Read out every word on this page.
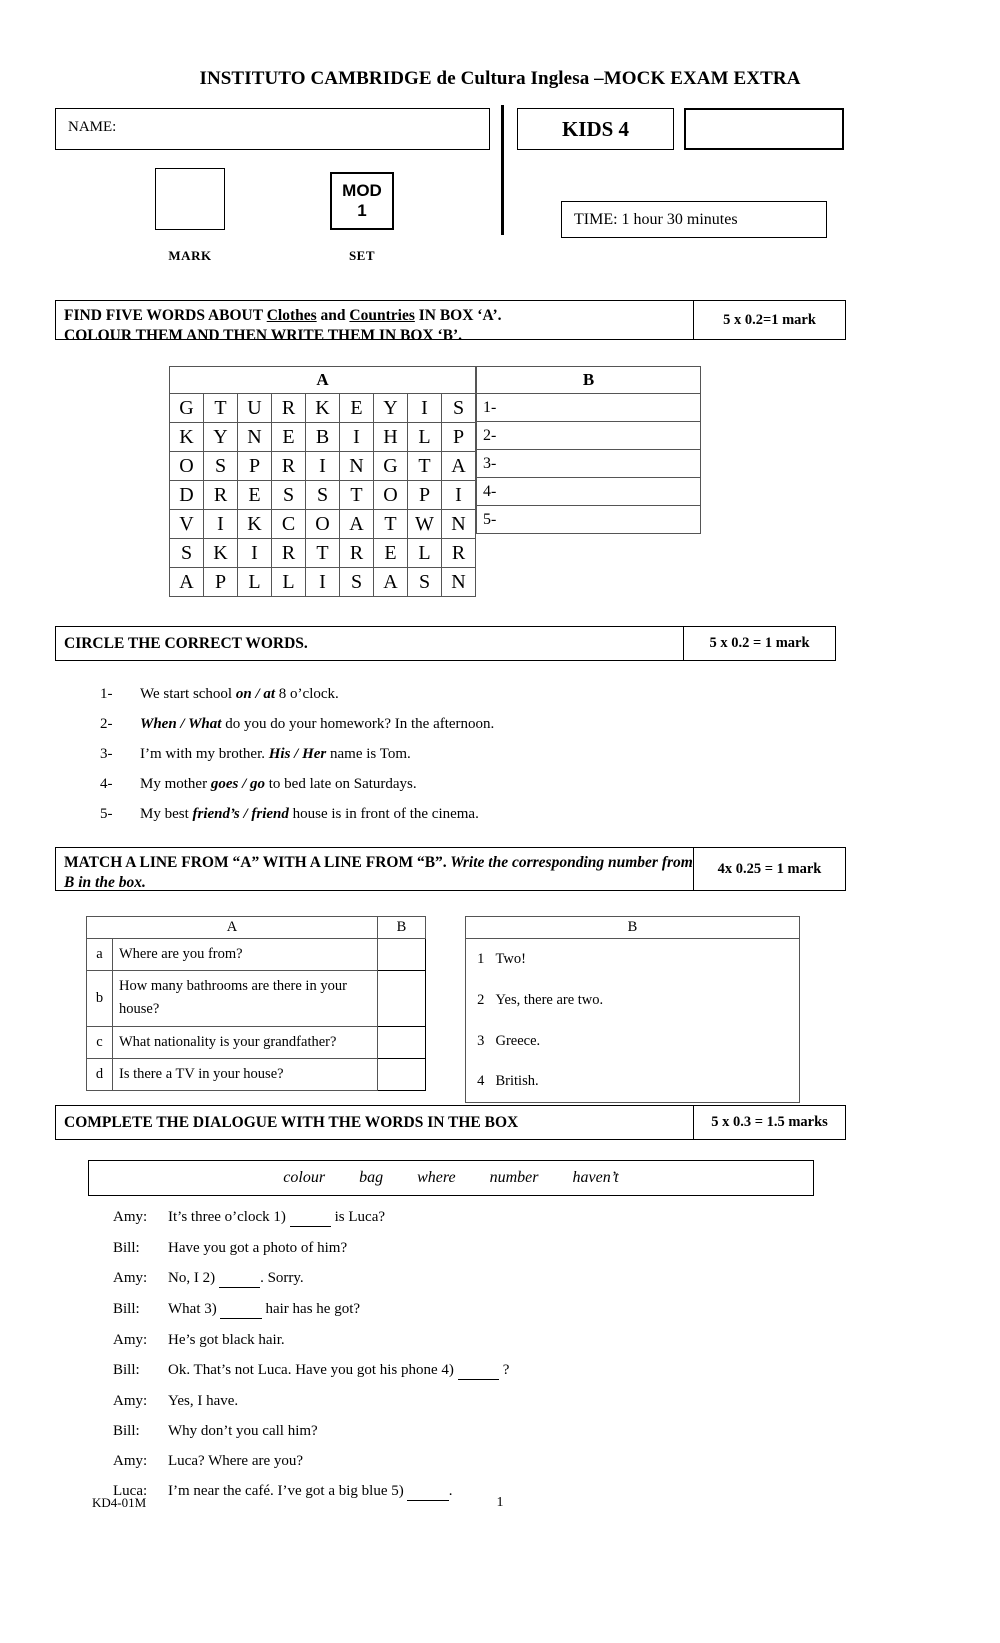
INSTITUTO CAMBRIDGE de Cultura Inglesa –MOCK EXAM EXTRA
NAME:	KIDS 4
MOD
1
MARK	SET
TIME: 1 hour 30 minutes
FIND FIVE WORDS ABOUT Clothes and Countries IN BOX ‘A’.
COLOUR THEM AND THEN WRITE THEM IN BOX ‘B’.
5 x 0.2=1 mark
A								
G	T	U	R	K	E	Y	I	S
K	Y	N	E	B	I	H	L	P
O	S	P	R	I	N	G	T	A
D	R	E	S	S	T	O	P	I
V	I	K	C	O	A	T	W	N
S	K	I	R	T	R	E	L	R
A	P	L	L	I	S	A	S	N
B
1-
2-
3-
4-
5-
CIRCLE THE CORRECT WORDS.	5 x 0.2 = 1 mark
1-	We start school on / at 8 o’clock.
2-	When / What do you do your homework? In the afternoon.
3-	I’m with my brother. His / Her name is Tom.
4-	My mother goes / go to bed late on Saturdays.
5-	My best friend’s / friend house is in front of the cinema.
MATCH A LINE FROM “A” WITH A LINE FROM “B”. Write the corresponding number from B in the box.
4x 0.25 = 1 mark
A		B
a	Where are you from?	
b	How many bathrooms are there in your house?	
c	What nationality is your grandfather?	
d	Is there a TV in your house?	
B	
1	Two!
2	Yes, there are two.
3	Greece.
4	British.
COMPLETE THE DIALOGUE WITH THE WORDS IN THE BOX	5 x 0.3 = 1.5 marks
colour bag where number haven’t
Amy:	It’s three o’clock 1)	is Luca?
Bill:	Have you got a photo of him?
Amy:	No, I 2)	. Sorry.
Bill:	What 3)	hair has he got?
Amy:	He’s got black hair.
Bill:	Ok. That’s not Luca. Have you got his phone 4)	?
Amy:	Yes, I have.
Bill:	Why don’t you call him?
Amy:	Luca? Where are you?
Luca:	I’m near the café. I’ve got a big blue 5)	.
KD4-01M	1
